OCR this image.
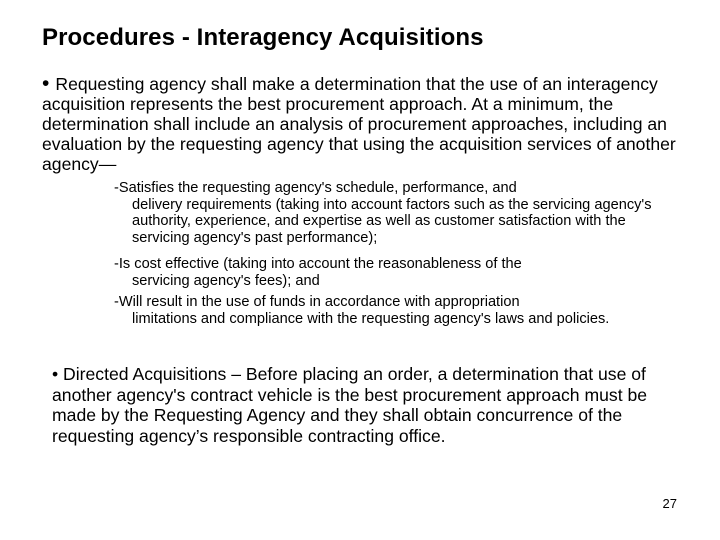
Procedures - Interagency Acquisitions

• Requesting agency shall make a determination that the use of an interagency acquisition represents the best procurement approach. At a minimum, the determination shall include an analysis of procurement approaches, including an evaluation by the requesting agency that using the acquisition services of another agency—

-Satisfies the requesting agency's schedule, performance, and
delivery requirements (taking into account factors such as the servicing agency's authority, experience, and expertise as well as customer satisfaction with the servicing agency's past performance);

-Is cost effective (taking into account the reasonableness of the
servicing agency's fees); and

-Will result in the use of funds in accordance with appropriation
limitations and compliance with the requesting agency's laws and policies.

• Directed Acquisitions – Before placing an order, a determination that use of another agency's contract vehicle is the best procurement approach must be made by the Requesting Agency and they shall obtain concurrence of the requesting agency’s responsible contracting office.

27
